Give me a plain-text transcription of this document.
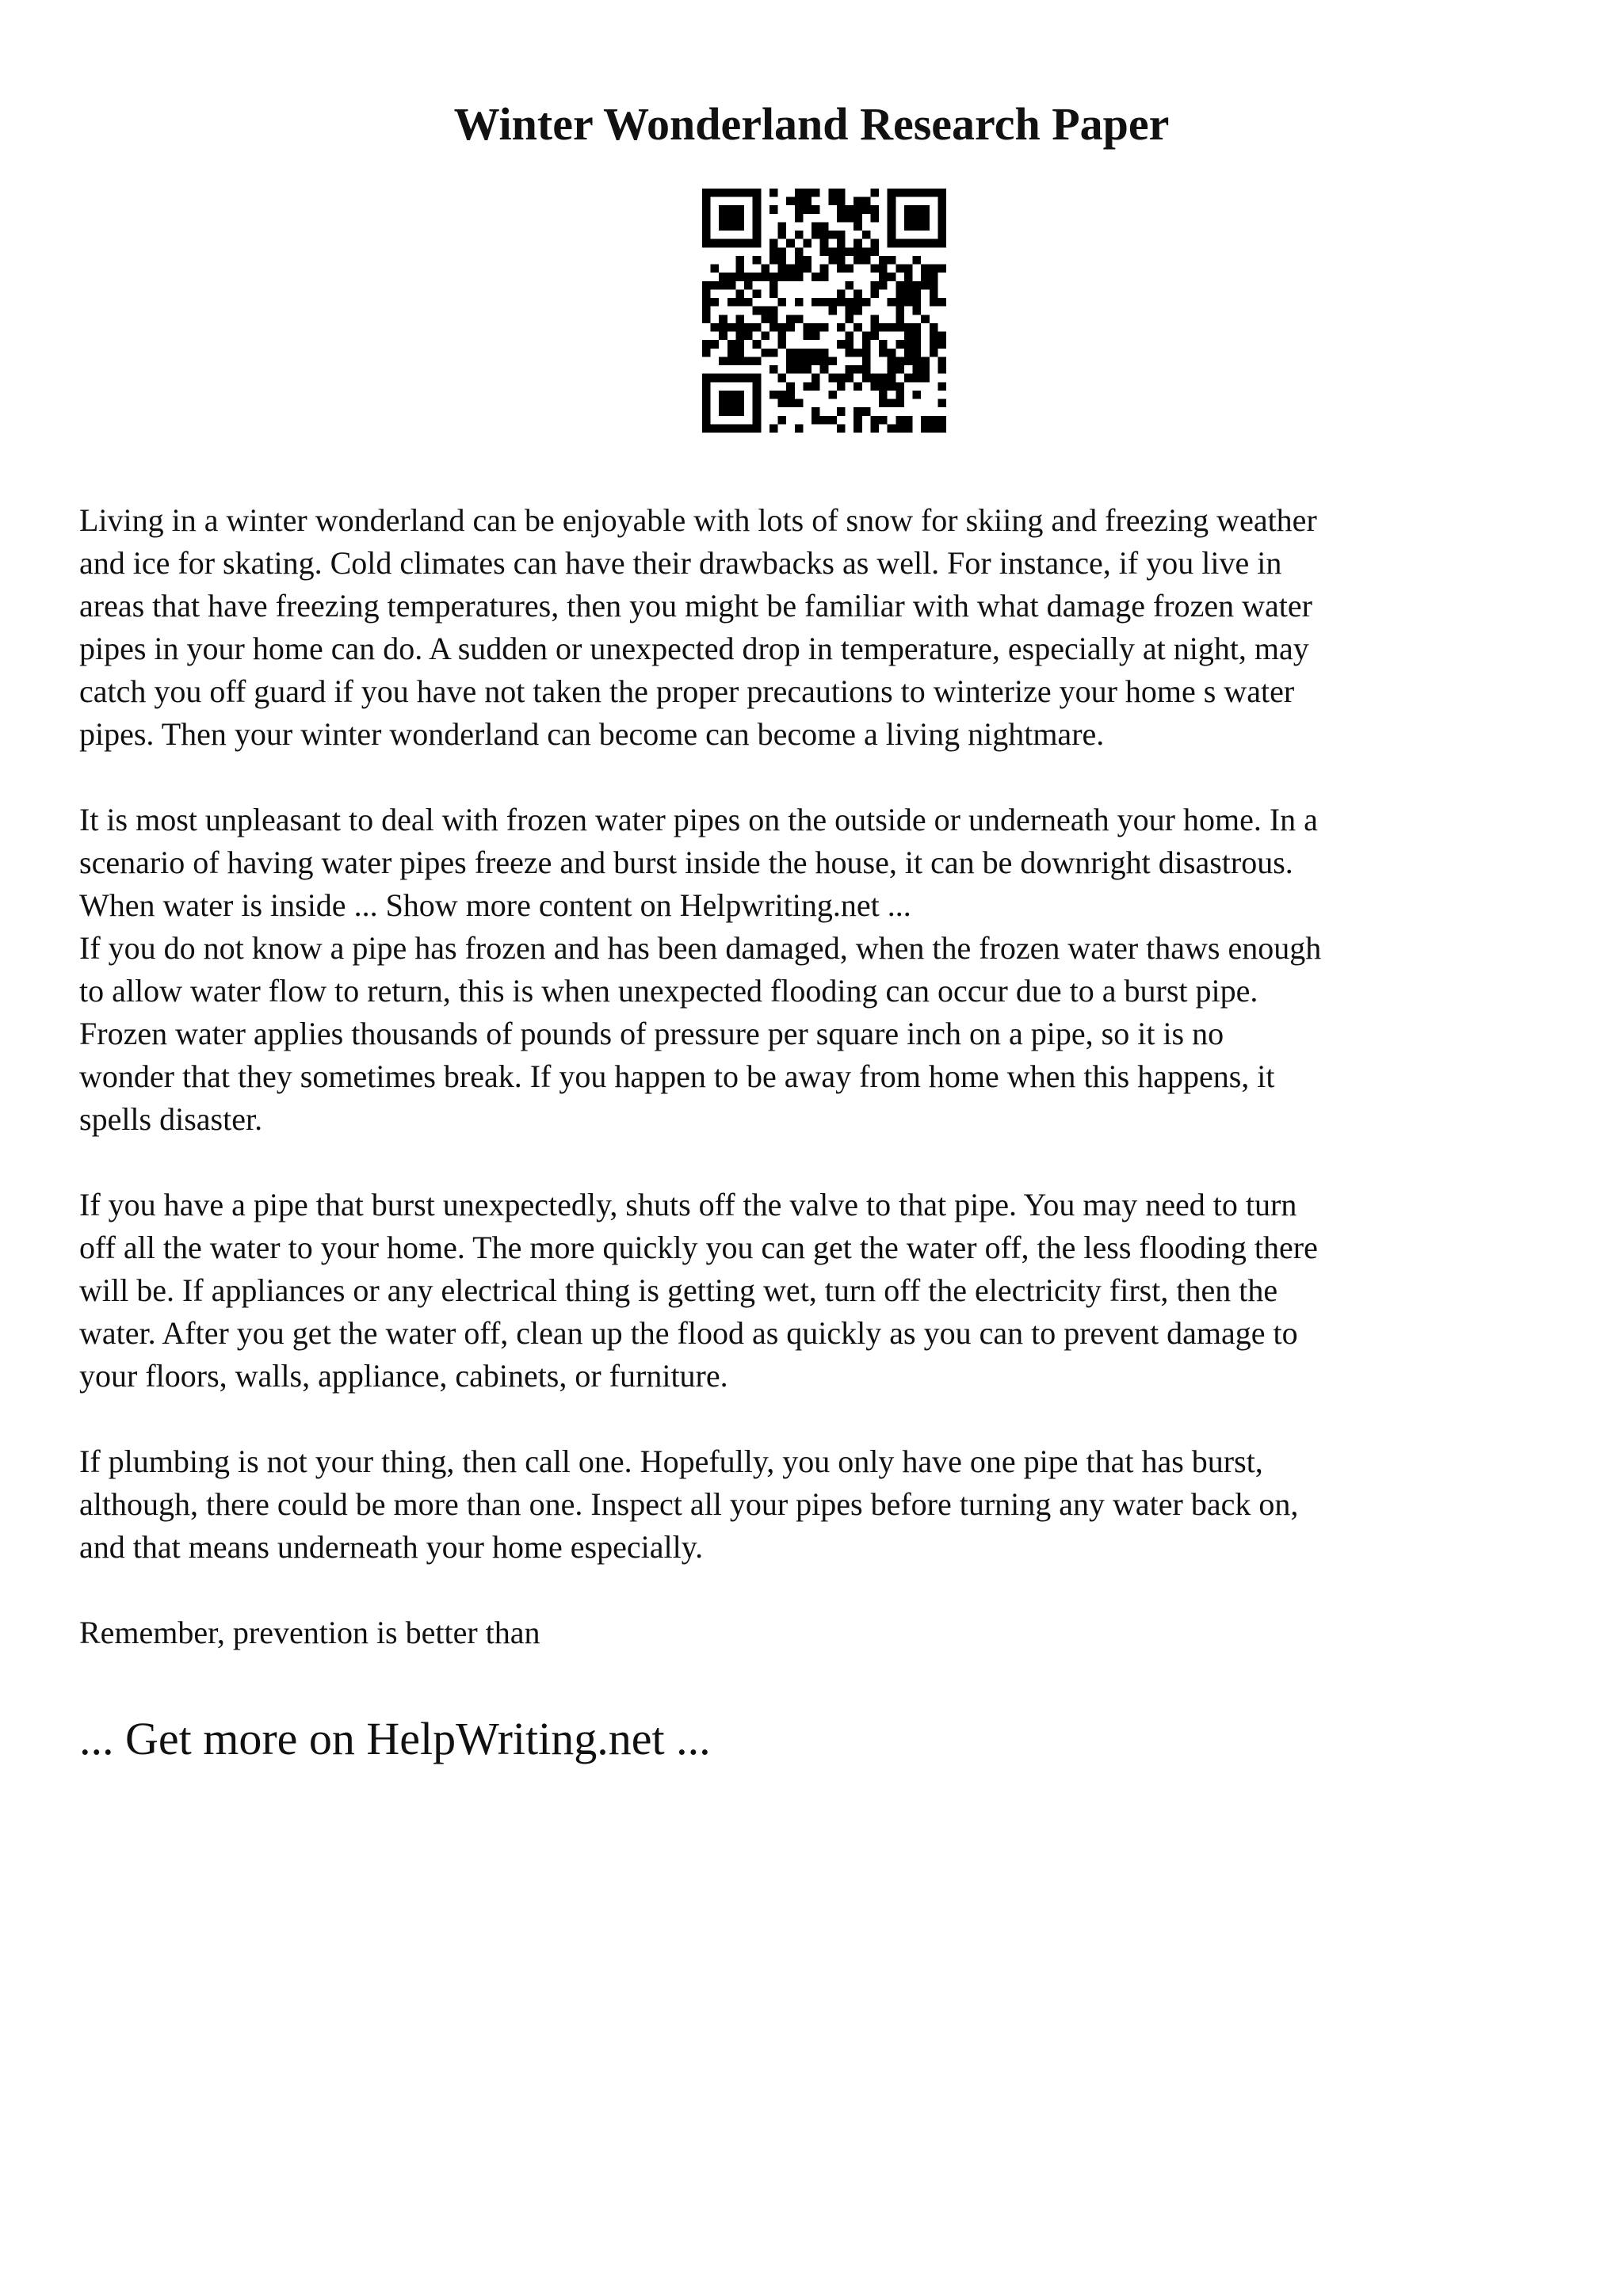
Winter Wonderland Research Paper

Living in a winter wonderland can be enjoyable with lots of snow for skiing and freezing weather
and ice for skating. Cold climates can have their drawbacks as well. For instance, if you live in
areas that have freezing temperatures, then you might be familiar with what damage frozen water
pipes in your home can do. A sudden or unexpected drop in temperature, especially at night, may
catch you off guard if you have not taken the proper precautions to winterize your home s water
pipes. Then your winter wonderland can become can become a living nightmare.

It is most unpleasant to deal with frozen water pipes on the outside or underneath your home. In a
scenario of having water pipes freeze and burst inside the house, it can be downright disastrous.
When water is inside ... Show more content on Helpwriting.net ...

If you do not know a pipe has frozen and has been damaged, when the frozen water thaws enough
to allow water flow to return, this is when unexpected flooding can occur due to a burst pipe.
Frozen water applies thousands of pounds of pressure per square inch on a pipe, so it is no
wonder that they sometimes break. If you happen to be away from home when this happens, it
spells disaster.

If you have a pipe that burst unexpectedly, shuts off the valve to that pipe. You may need to turn
off all the water to your home. The more quickly you can get the water off, the less flooding there
will be. If appliances or any electrical thing is getting wet, turn off the electricity first, then the
water. After you get the water off, clean up the flood as quickly as you can to prevent damage to
your floors, walls, appliance, cabinets, or furniture.

If plumbing is not your thing, then call one. Hopefully, you only have one pipe that has burst,
although, there could be more than one. Inspect all your pipes before turning any water back on,
and that means underneath your home especially.

Remember, prevention is better than

... Get more on HelpWriting.net ...
